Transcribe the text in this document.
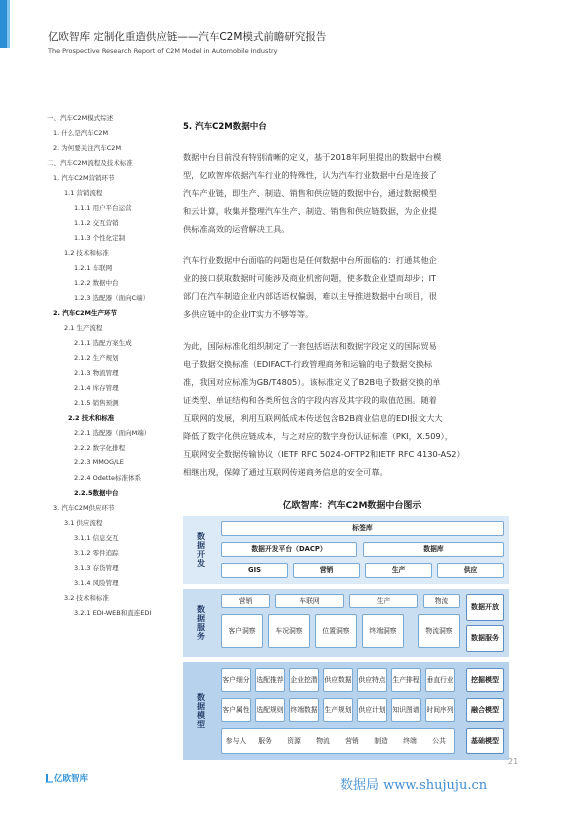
亿欧智库 定制化重造供应链——汽车C2M模式前瞻研究报告
The Prospective Research Report of C2M Model in Automobile Industry
一、汽车C2M模式综述
1. 什么是汽车C2M
2. 为何要关注汽车C2M
二、汽车C2M流程及技术标准
1. 汽车C2M营销环节
1.1 营销流程
1.1.1 用户平台运营
1.1.2 交互营销
1.1.3 个性化定制
1.2 技术和标准
1.2.1 车联网
1.2.2 数据中台
1.2.3 选配器（面向C端）
2. 汽车C2M生产环节
2.1 生产流程
2.1.1 选配方案生成
2.1.2 生产规划
2.1.3 物流管理
2.1.4 库存管理
2.1.5 销售预测
2.2 技术和标准
2.2.1 选配器（面向M端）
2.2.2 数字化排程
2.2.3 MMOG/LE
2.2.4 Odette标准体系
2.2.5数据中台
3. 汽车C2M供应环节
3.1 供应流程
3.1.1 信息交互
3.1.2 零件追踪
3.1.3 存货管理
3.1.4 风险管理
3.2 技术和标准
3.2.1 EDI-WEB和直连EDI
5. 汽车C2M数据中台
数据中台目前没有特别清晰的定义，基于2018年阿里提出的数据中台模
型，亿欧智库依据汽车行业的特殊性，认为汽车行业数据中台是连接了
汽车产业链，即生产、制造、销售和供应链的数据中台，通过数据模型
和云计算，收集并整理汽车生产、制造、销售和供应链数据，为企业提
供标准高效的运营解决工具。
汽车行业数据中台面临的问题也是任何数据中台所面临的：打通其他企
业的接口获取数据时可能涉及商业机密问题，使多数企业望而却步；IT
部门在汽车制造企业内部话语权偏弱，难以主导推进数据中台项目，很
多供应链中的企业IT实力不够等等。
为此，国际标准化组织制定了一套包括语法和数据字段定义的国际贸易
电子数据交换标准（EDIFACT-行政管理商务和运输的电子数据交换标
准，我国对应标准为GB/T4805）。该标准定义了B2B电子数据交换的单
证类型、单证结构和各类所包含的字段内容及其字段的取值范围。随着
互联网的发展，利用互联网低成本传送包含B2B商业信息的EDI报文大大
降低了数字化供应链成本，与之对应的数字身份认证标准（PKI，X.509），
互联网安全数据传输协议（IETF RFC 5024-OFTP2和IETF RFC 4130-AS2）
相继出现，保障了通过互联网传递商务信息的安全可靠。
亿欧智库：汽车C2M数据中台图示
数据开发
标签库
数据开发平台（DACP）	数据库
GIS	营销	生产	供应
数据服务
营销	车联网	生产	物流
客户洞察	车况洞察	位置洞察	终端洞察	物流洞察
数据开放
数据服务
数据模型
客户细分 选配推荐 企业挖潜 供应数据 供应特点 生产排程 垂直行业
客户属性 选配规则 终端数据 生产规划 供应计划 知识图谱 时间序列
参与人	服务	资源	物流	营销	制造	终端	公共
挖掘模型
融合模型
基础模型
亿欧智库
21
数据局 www.shujuju.cn
